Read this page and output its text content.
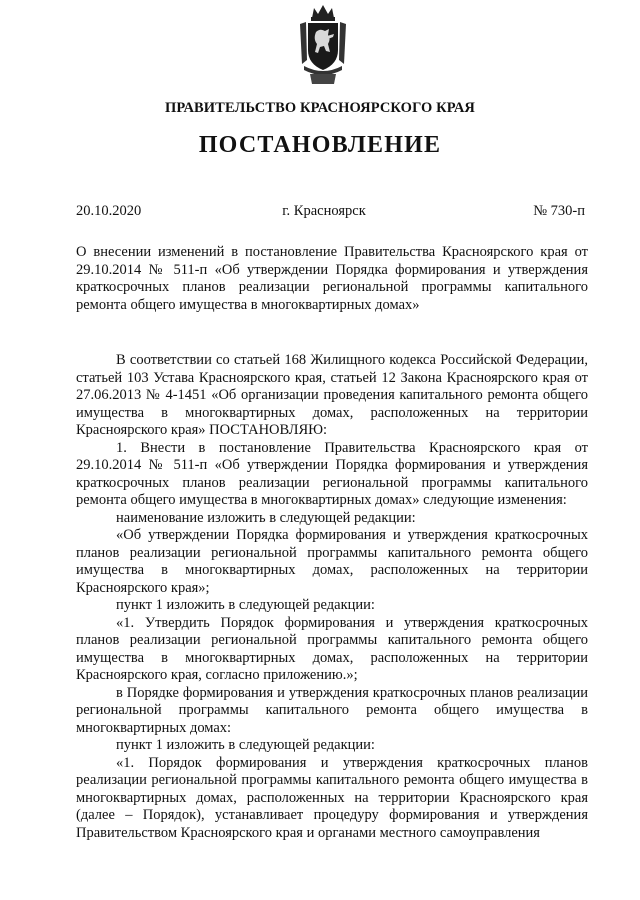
ПРАВИТЕЛЬСТВО КРАСНОЯРСКОГО КРАЯ
ПОСТАНОВЛЕНИЕ
20.10.2020	г. Красноярск	№ 730-п
О внесении изменений в постановление Правительства Красноярского края от 29.10.2014 № 511-п «Об утверждении Порядка формирования и утверждения краткосрочных планов реализации региональной программы капитального ремонта общего имущества в многоквартирных домах»

В соответствии со статьей 168 Жилищного кодекса Российской Федерации, статьей 103 Устава Красноярского края, статьей 12 Закона Красноярского края от 27.06.2013 № 4-1451 «Об организации проведения капитального ремонта общего имущества в многоквартирных домах, расположенных на территории Красноярского края» ПОСТАНОВЛЯЮ:

1. Внести в постановление Правительства Красноярского края от 29.10.2014 № 511-п «Об утверждении Порядка формирования и утверждения краткосрочных планов реализации региональной программы капитального ремонта общего имущества в многоквартирных домах» следующие изменения:

наименование изложить в следующей редакции:

«Об утверждении Порядка формирования и утверждения краткосрочных планов реализации региональной программы капитального ремонта общего имущества в многоквартирных домах, расположенных на территории Красноярского края»;

пункт 1 изложить в следующей редакции:

«1. Утвердить Порядок формирования и утверждения краткосрочных планов реализации региональной программы капитального ремонта общего имущества в многоквартирных домах, расположенных на территории Красноярского края, согласно приложению.»;

в Порядке формирования и утверждения краткосрочных планов реализации региональной программы капитального ремонта общего имущества в многоквартирных домах:

пункт 1 изложить в следующей редакции:

«1. Порядок формирования и утверждения краткосрочных планов реализации региональной программы капитального ремонта общего имущества в многоквартирных домах, расположенных на территории Красноярского края (далее – Порядок), устанавливает процедуру формирования и утверждения Правительством Красноярского края и органами местного самоуправления
